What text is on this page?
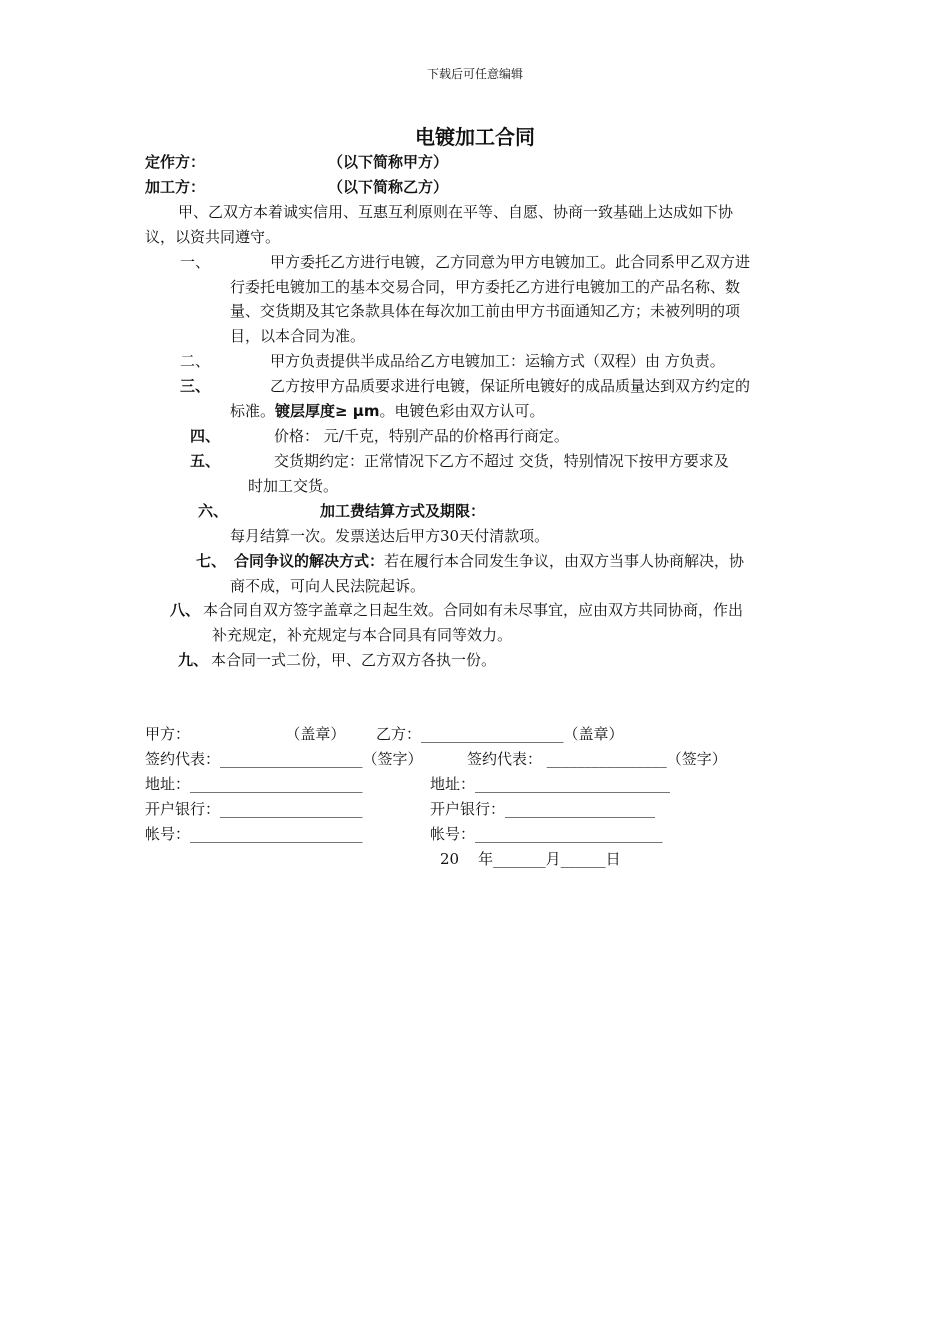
下载后可任意编辑
电镀加工合同
定作方：	（以下简称甲方）
加工方：	（以下简称乙方）
甲、乙双方本着诚实信用、互惠互利原则在平等、自愿、协商一致基础上达成如下协
议，以资共同遵守。
一、	甲方委托乙方进行电镀，乙方同意为甲方电镀加工。此合同系甲乙双方进
行委托电镀加工的基本交易合同，甲方委托乙方进行电镀加工的产品名称、数
量、交货期及其它条款具体在每次加工前由甲方书面通知乙方；未被列明的项
目，以本合同为准。
二、	甲方负责提供半成品给乙方电镀加工：运输方式（双程）由 方负责。
三、	乙方按甲方品质要求进行电镀，保证所电镀好的成品质量达到双方约定的
标准。镀层厚度≥ μm。电镀色彩由双方认可。
四、	价格： 元/千克，特别产品的价格再行商定。
五、	交货期约定：正常情况下乙方不超过 交货，特别情况下按甲方要求及
时加工交货。
六、	加工费结算方式及期限：
每月结算一次。发票送达后甲方30天付清款项。
七、 合同争议的解决方式：若在履行本合同发生争议，由双方当事人协商解决，协
商不成，可向人民法院起诉。
八、 本合同自双方签字盖章之日起生效。合同如有未尽事宜，应由双方共同协商，作出
补充规定，补充规定与本合同具有同等效力。
九、 本合同一式二份，甲、乙方双方各执一份。
甲方：                    （盖章） 乙方：___________________（盖章）
签约代表：___________________（签字）	签约代表： ________________（签字）
地址：_______________________	地址：__________________________
开户银行：___________________	开户银行：____________________
帐号：_______________________	帐号：_________________________
20    年_______月______日
